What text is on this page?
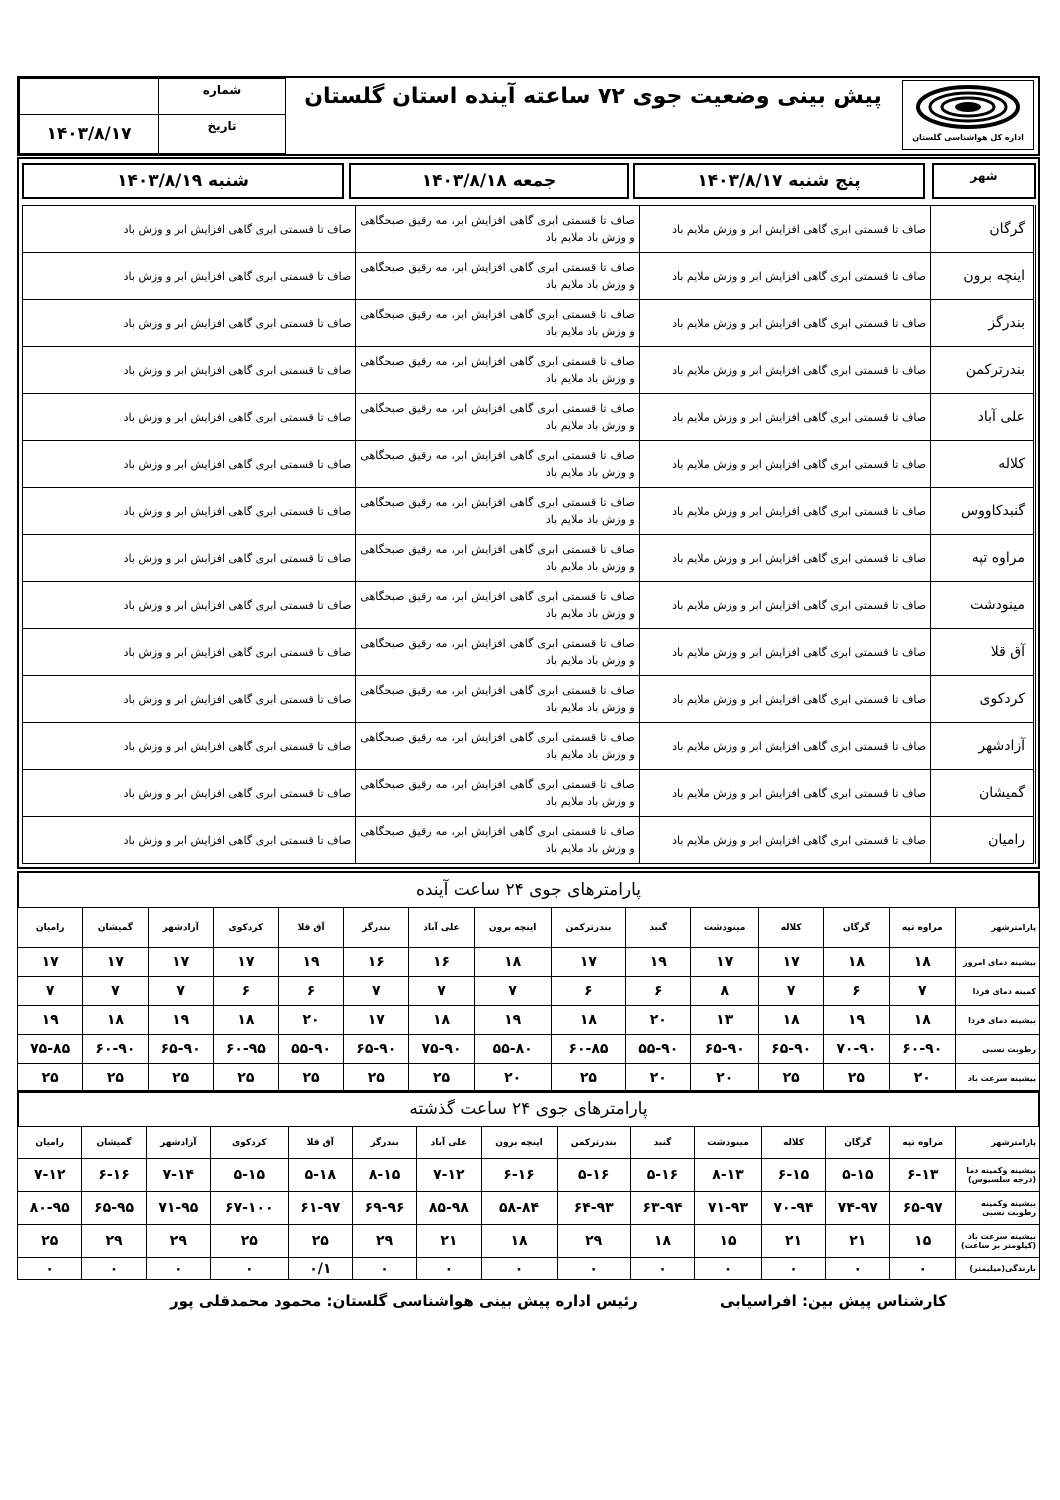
اداره کل هواشناسی گلستان
پیش بینی وضعیت جوی ۷۲ ساعته آینده استان گلستان
شماره
تاریخ
۱۴۰۳/۸/۱۷
شهر
پنج شنبه ۱۴۰۳/۸/۱۷
جمعه ۱۴۰۳/۸/۱۸
شنبه ۱۴۰۳/۸/۱۹
گرگان	صاف تا قسمتی ابری گاهی افزایش ابر و وزش ملایم باد	صاف تا قسمتی ابری گاهی افزایش ابر، مه رقیق صبحگاهی و وزش باد ملایم باد	صاف تا قسمتی ابری گاهی افزایش ابر و وزش باد
اینچه برون	صاف تا قسمتی ابری گاهی افزایش ابر و وزش ملایم باد	صاف تا قسمتی ابری گاهی افزایش ابر، مه رقیق صبحگاهی و وزش باد ملایم باد	صاف تا قسمتی ابری گاهی افزایش ابر و وزش باد
بندرگز	صاف تا قسمتی ابری گاهی افزایش ابر و وزش ملایم باد	صاف تا قسمتی ابری گاهی افزایش ابر، مه رقیق صبحگاهی و وزش باد ملایم باد	صاف تا قسمتی ابری گاهی افزایش ابر و وزش باد
بندرترکمن	صاف تا قسمتی ابری گاهی افزایش ابر و وزش ملایم باد	صاف تا قسمتی ابری گاهی افزایش ابر، مه رقیق صبحگاهی و وزش باد ملایم باد	صاف تا قسمتی ابری گاهی افزایش ابر و وزش باد
علی آباد	صاف تا قسمتی ابری گاهی افزایش ابر و وزش ملایم باد	صاف تا قسمتی ابری گاهی افزایش ابر، مه رقیق صبحگاهی و وزش باد ملایم باد	صاف تا قسمتی ابری گاهی افزایش ابر و وزش باد
کلاله	صاف تا قسمتی ابری گاهی افزایش ابر و وزش ملایم باد	صاف تا قسمتی ابری گاهی افزایش ابر، مه رقیق صبحگاهی و وزش باد ملایم باد	صاف تا قسمتی ابری گاهی افزایش ابر و وزش باد
گنبدکاووس	صاف تا قسمتی ابری گاهی افزایش ابر و وزش ملایم باد	صاف تا قسمتی ابری گاهی افزایش ابر، مه رقیق صبحگاهی و وزش باد ملایم باد	صاف تا قسمتی ابری گاهی افزایش ابر و وزش باد
مراوه تپه	صاف تا قسمتی ابری گاهی افزایش ابر و وزش ملایم باد	صاف تا قسمتی ابری گاهی افزایش ابر، مه رقیق صبحگاهی و وزش باد ملایم باد	صاف تا قسمتی ابری گاهی افزایش ابر و وزش باد
مینودشت	صاف تا قسمتی ابری گاهی افزایش ابر و وزش ملایم باد	صاف تا قسمتی ابری گاهی افزایش ابر، مه رقیق صبحگاهی و وزش باد ملایم باد	صاف تا قسمتی ابری گاهی افزایش ابر و وزش باد
آق قلا	صاف تا قسمتی ابری گاهی افزایش ابر و وزش ملایم باد	صاف تا قسمتی ابری گاهی افزایش ابر، مه رقیق صبحگاهی و وزش باد ملایم باد	صاف تا قسمتی ابری گاهی افزایش ابر و وزش باد
کردکوی	صاف تا قسمتی ابری گاهی افزایش ابر و وزش ملایم باد	صاف تا قسمتی ابری گاهی افزایش ابر، مه رقیق صبحگاهی و وزش باد ملایم باد	صاف تا قسمتی ابری گاهی افزایش ابر و وزش باد
آزادشهر	صاف تا قسمتی ابری گاهی افزایش ابر و وزش ملایم باد	صاف تا قسمتی ابری گاهی افزایش ابر، مه رقیق صبحگاهی و وزش باد ملایم باد	صاف تا قسمتی ابری گاهی افزایش ابر و وزش باد
گمیشان	صاف تا قسمتی ابری گاهی افزایش ابر و وزش ملایم باد	صاف تا قسمتی ابری گاهی افزایش ابر، مه رقیق صبحگاهی و وزش باد ملایم باد	صاف تا قسمتی ابری گاهی افزایش ابر و وزش باد
رامیان	صاف تا قسمتی ابری گاهی افزایش ابر و وزش ملایم باد	صاف تا قسمتی ابری گاهی افزایش ابر، مه رقیق صبحگاهی و وزش باد ملایم باد	صاف تا قسمتی ابری گاهی افزایش ابر و وزش باد
پارامترهای جوی ۲۴ ساعت آینده
پارامترشهر	مراوه تپه	گرگان	کلاله	مینودشت	گنبد	بندرترکمن	اینچه برون	علی آباد	بندرگز	آق قلا	کردکوی	آزادشهر	گمیشان	رامیان
بیشینه دمای امروز	۱۸	۱۸	۱۷	۱۷	۱۹	۱۷	۱۸	۱۶	۱۶	۱۹	۱۷	۱۷	۱۷	۱۷
کمینه دمای فردا	۷	۶	۷	۸	۶	۶	۷	۷	۷	۶	۶	۷	۷	۷
بیشینه دمای فردا	۱۸	۱۹	۱۸	۱۳	۲۰	۱۸	۱۹	۱۸	۱۷	۲۰	۱۸	۱۹	۱۸	۱۹
رطوبت نسبی	۶۰-۹۰	۷۰-۹۰	۶۵-۹۰	۶۵-۹۰	۵۵-۹۰	۶۰-۸۵	۵۵-۸۰	۷۵-۹۰	۶۵-۹۰	۵۵-۹۰	۶۰-۹۵	۶۵-۹۰	۶۰-۹۰	۷۵-۸۵
بیشینه سرعت باد	۲۰	۲۵	۲۵	۲۰	۲۰	۲۵	۲۰	۲۵	۲۵	۲۵	۲۵	۲۵	۲۵	۲۵
پارامترهای جوی ۲۴ ساعت گذشته
پارامترشهر	مراوه تپه	گرگان	کلاله	مینودشت	گنبد	بندرترکمن	اینچه برون	علی آباد	بندرگز	آق قلا	کردکوی	آزادشهر	گمیشان	رامیان
بیشینه وکمینه دما (درجه سلسیوس)	۶-۱۳	۵-۱۵	۶-۱۵	۸-۱۳	۵-۱۶	۵-۱۶	۶-۱۶	۷-۱۲	۸-۱۵	۵-۱۸	۵-۱۵	۷-۱۴	۶-۱۶	۷-۱۲
بیشینه وکمینه رطوبت نسبی	۶۵-۹۷	۷۴-۹۷	۷۰-۹۴	۷۱-۹۳	۶۳-۹۴	۶۴-۹۳	۵۸-۸۴	۸۵-۹۸	۶۹-۹۶	۶۱-۹۷	۶۷-۱۰۰	۷۱-۹۵	۶۵-۹۵	۸۰-۹۵
بیشینه سرعت باد (کیلومتر بر ساعت)	۱۵	۲۱	۲۱	۱۵	۱۸	۲۹	۱۸	۲۱	۲۹	۲۵	۲۵	۲۹	۲۹	۲۵
بارندگی(میلیمتر)	۰	۰	۰	۰	۰	۰	۰	۰	۰	۰/۱	۰	۰	۰	۰
کارشناس پیش بین: افراسیابی
رئیس اداره پیش بینی هواشناسی گلستان: محمود محمدقلی پور
